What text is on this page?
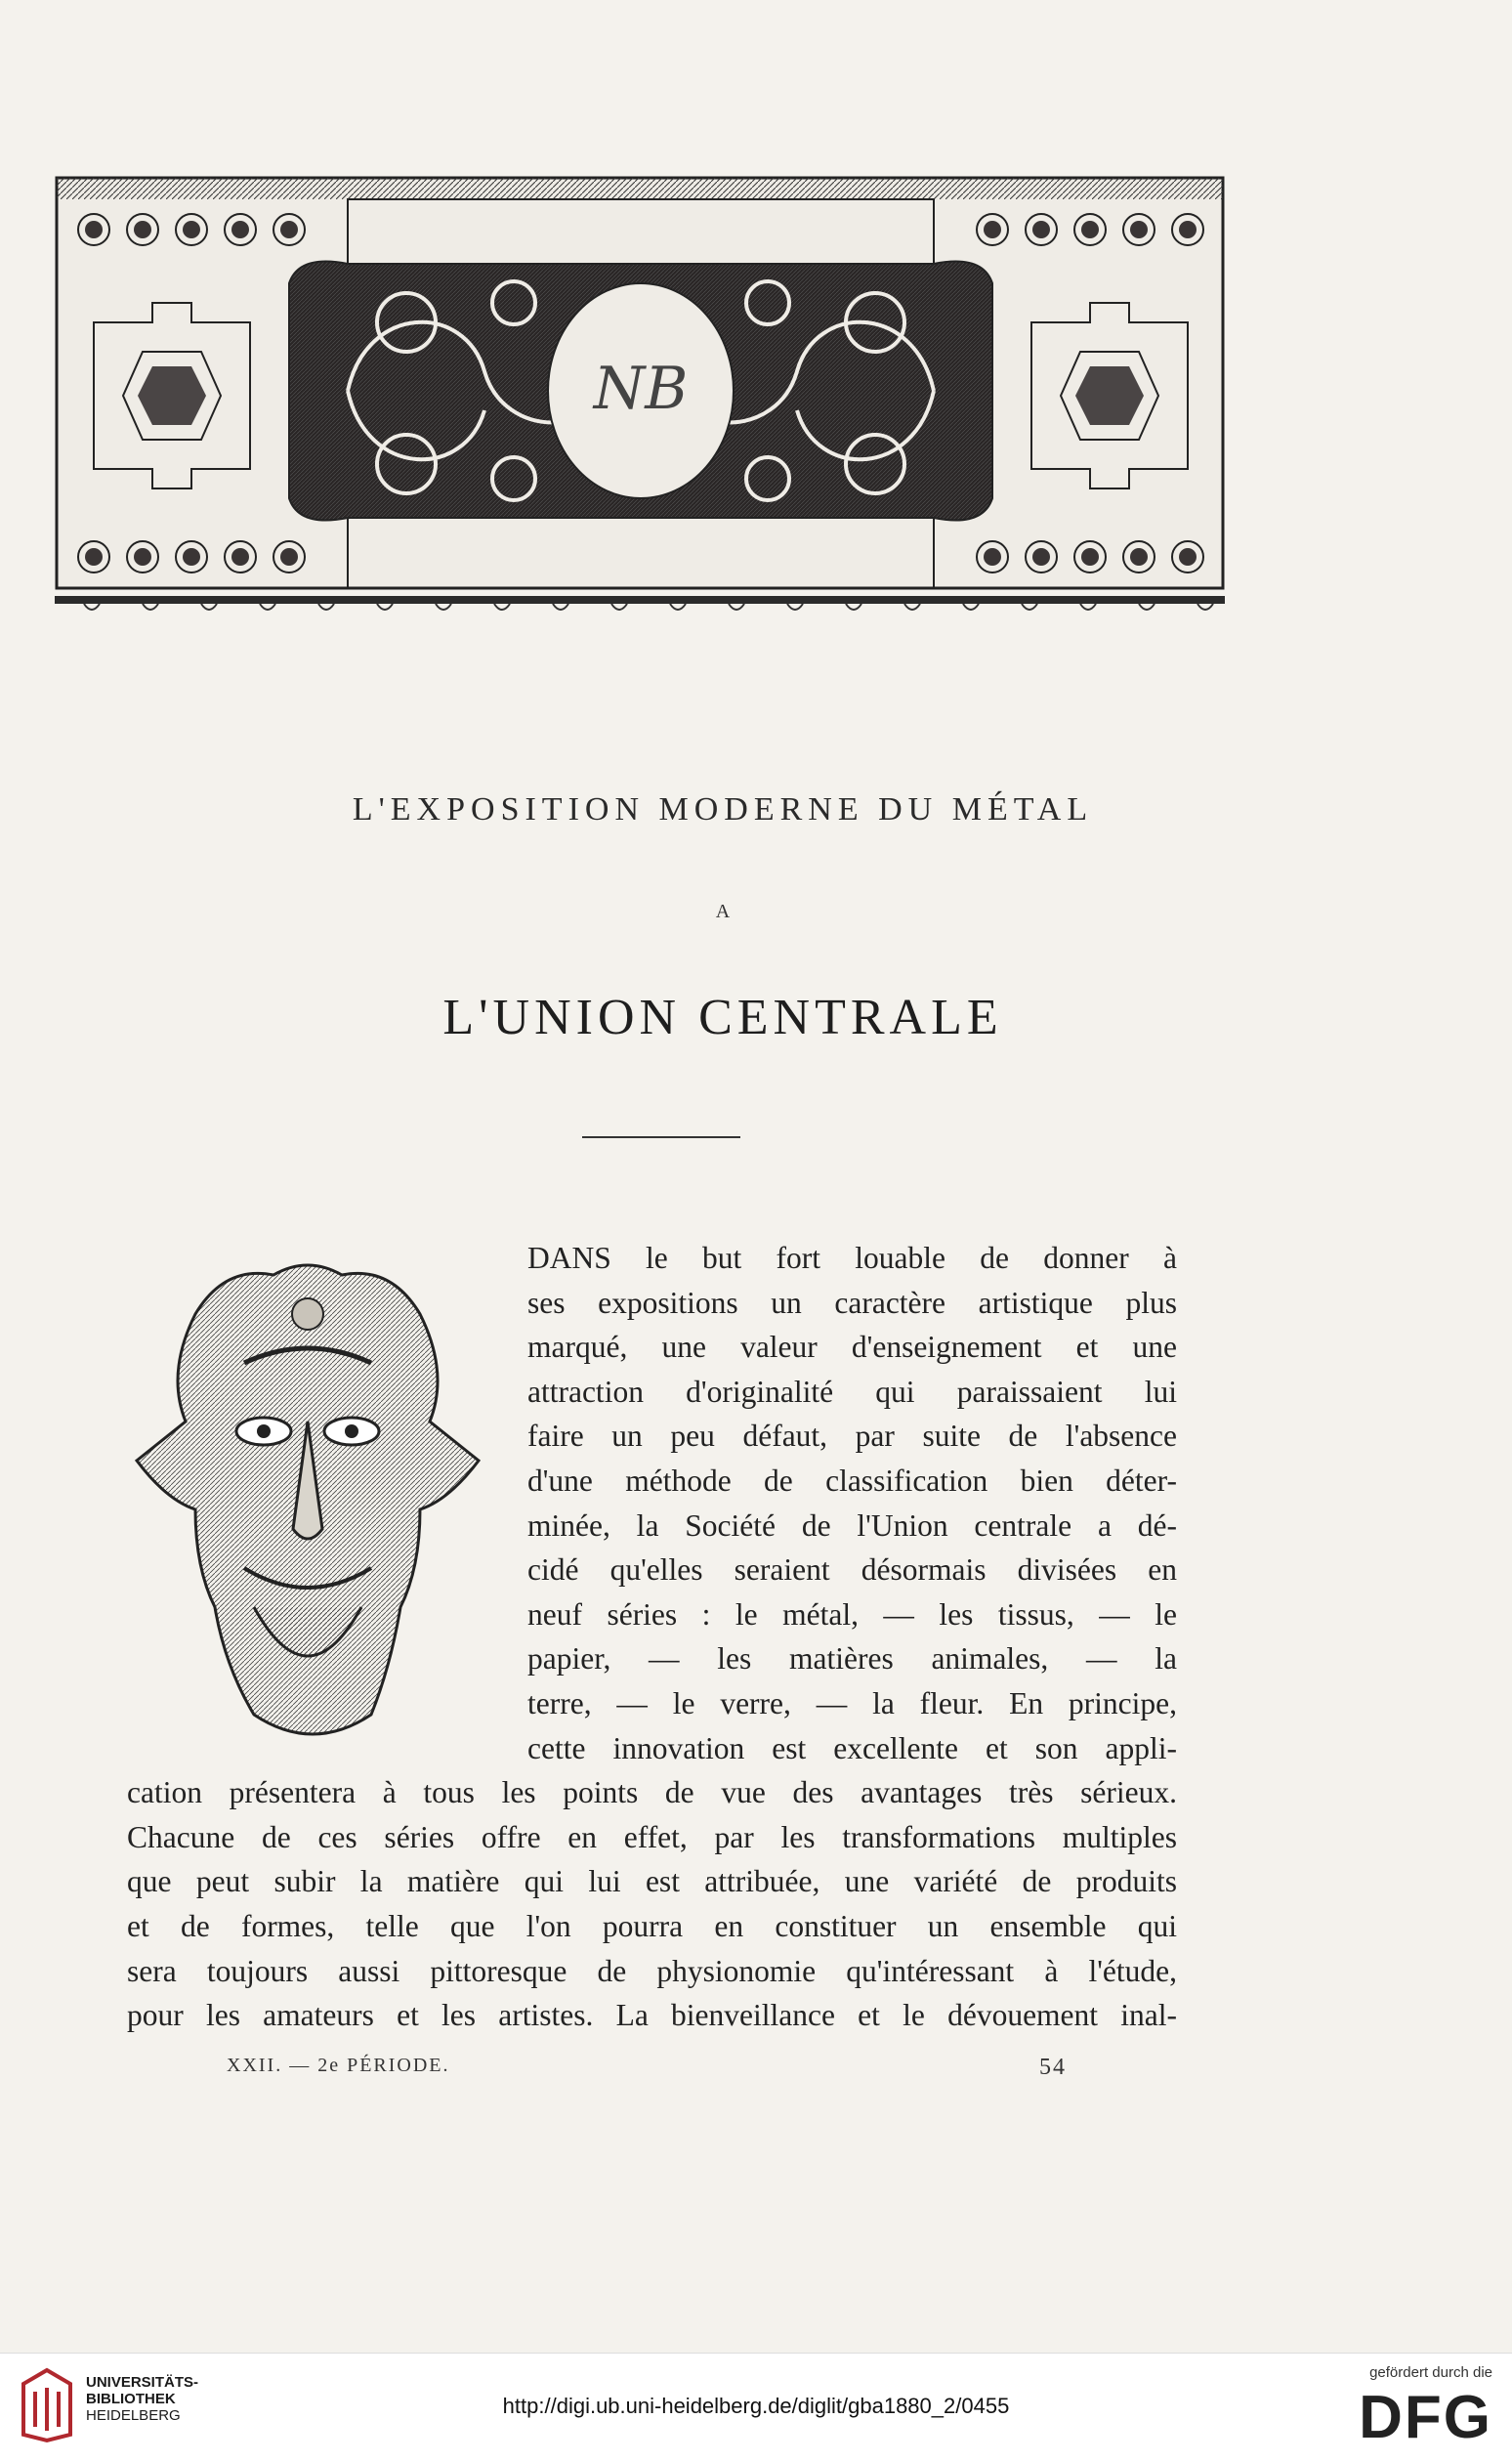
NB
L'EXPOSITION MODERNE DU MÉTAL
A
L'UNION CENTRALE
DANS le but fort louable de donner à
ses expositions un caractère artistique plus
marqué, une valeur d'enseignement et une
attraction d'originalité qui paraissaient lui
faire un peu défaut, par suite de l'absence
d'une méthode de classification bien déter-
minée, la Société de l'Union centrale a dé-
cidé qu'elles seraient désormais divisées en
neuf séries : le métal, — les tissus, — le
papier, — les matières animales, — la
terre, — le verre, — la fleur. En principe,
cette innovation est excellente et son appli-
cation présentera à tous les points de vue des avantages très sérieux.
Chacune de ces séries offre en effet, par les transformations multiples
que peut subir la matière qui lui est attribuée, une variété de produits
et de formes, telle que l'on pourra en constituer un ensemble qui
sera toujours aussi pittoresque de physionomie qu'intéressant à l'étude,
pour les amateurs et les artistes. La bienveillance et le dévouement inal-
XXII. — 2e PÉRIODE.	54
UNIVERSITÄTS-
BIBLIOTHEK
HEIDELBERG	http://digi.ub.uni-heidelberg.de/diglit/gba1880_2/0455
gefördert durch die
DFG
